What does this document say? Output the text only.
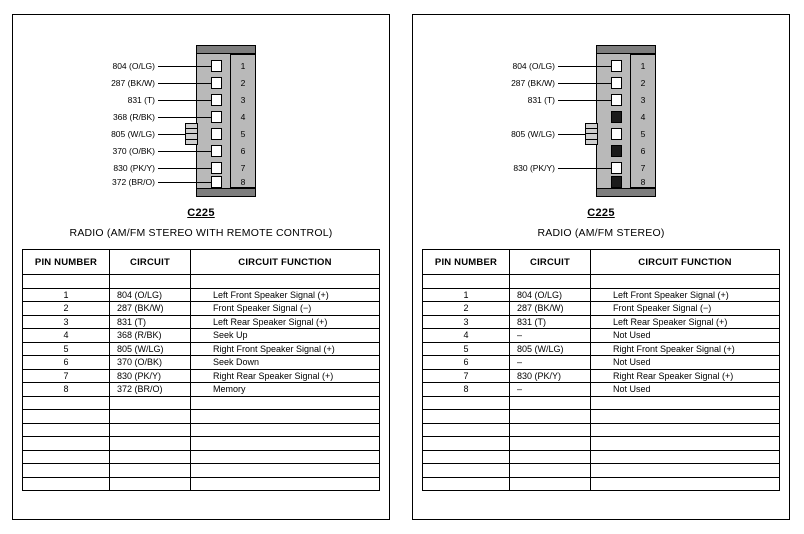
1
2
3
4
5
6
7
8
804 (O/LG)
287 (BK/W)
831 (T)
368 (R/BK)
805 (W/LG)
370 (O/BK)
830 (PK/Y)
372 (BR/O)
C225
RADIO (AM/FM STEREO WITH REMOTE CONTROL)
PIN NUMBER	CIRCUIT	CIRCUIT FUNCTION

1	804 (O/LG)	Left Front Speaker Signal (+)
2	287 (BK/W)	Front Speaker Signal (−)
3	831 (T)	Left Rear Speaker Signal (+)
4	368 (R/BK)	Seek Up
5	805 (W/LG)	Right Front Speaker Signal (+)
6	370 (O/BK)	Seek Down
7	830 (PK/Y)	Right Rear Speaker Signal (+)
8	372 (BR/O)	Memory

1
2
3
4
5
6
7
8
804 (O/LG)
287 (BK/W)
831 (T)
805 (W/LG)
830 (PK/Y)
C225
RADIO (AM/FM STEREO)
PIN NUMBER	CIRCUIT	CIRCUIT FUNCTION

1	804 (O/LG)	Left Front Speaker Signal (+)
2	287 (BK/W)	Front Speaker Signal (−)
3	831 (T)	Left Rear Speaker Signal (+)
4	–	Not Used
5	805 (W/LG)	Right Front Speaker Signal (+)
6	–	Not Used
7	830 (PK/Y)	Right Rear Speaker Signal (+)
8	–	Not Used
